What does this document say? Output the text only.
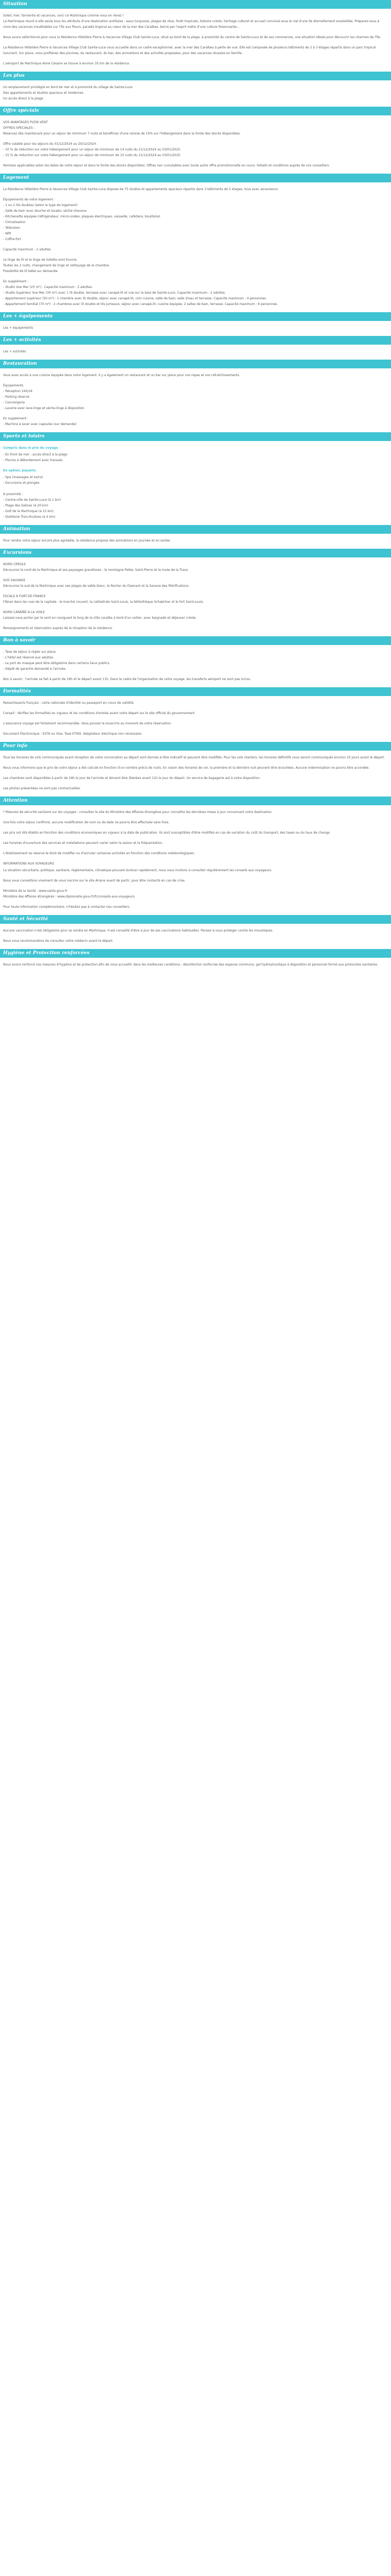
Situation

Soleil, mer, farniente et vacances, voici ce Martinique comme vous en rêvez !
La Martinique réunit à elle seule tous les attributs d'une destination antillaise : eaux turquoise, plages de rêve, forêt tropicale, histoire créole, héritage culturel et accueil convivial sous le ciel d'une île éternellement ensoleillée. Préparez-vous à vivre des vacances inoubliables sur l'île aux fleurs, paradis tropical au coeur de la mer des Caraïbes, bercé par l'esprit métis d'une culture foisonnante...

Nous avons sélectionné pour vous la Résidence Hôtelière Pierre & Vacances Village Club Sainte-Luce, situé au bord de la plage, à proximité du centre de Sainte-Luce et de ses commerces, une situation idéale pour découvrir les charmes de l'île.

La Résidence Hôtelière Pierre & Vacances Village Club Sainte-Luce vous accueille dans un cadre exceptionnel, avec la mer des Caraïbes à perte de vue. Elle est composée de plusieurs bâtiments de 2 à 3 étages répartis dans un parc tropical luxuriant. Sur place, vous profiterez des piscines, du restaurant, du bar, des animations et des activités proposées, pour des vacances réussies en famille.

L'aéroport de Martinique Aimé Césaire se trouve à environ 35 km de la résidence.

Les plus

Un emplacement privilégié en bord de mer et à proximité du village de Sainte-Luce
Des appartements et studios spacieux et modernes
Un accès direct à la plage

Offre spéciale

VOS AVANTAGES PLEIN VENT
OFFRES SPECIALES :
Réservez dès maintenant pour un séjour de minimum 7 nuits et bénéficiez d'une remise de 10% sur l'hébergement dans la limite des stocks disponibles.

Offre valable pour les séjours du 01/12/2024 au 20/12/2024 :
- 10 % de réduction sur votre hébergement pour un séjour de minimum de 14 nuits du 21/12/2024 au 03/01/2025.
- 15 % de réduction sur votre hébergement pour un séjour de minimum de 10 nuits du 21/12/2024 au 03/01/2025.

Remises applicables selon les dates de votre séjour et dans la limite des stocks disponibles. Offres non cumulables avec toute autre offre promotionnelle en cours. Détails et conditions auprès de nos conseillers.

Logement

La Résidence Hôtelière Pierre & Vacances Village Club Sainte-Luce dispose de 75 studios et appartements spacieux répartis dans 3 bâtiments de 2 étages, tous avec ascenseurs.

Équipements de votre logement :
- 1 ou 2 lits doubles (selon le type de logement)
- Salle de bain avec douche et lavabo, sèche-cheveux
- Kitchenette équipée (réfrigérateur, micro-ondes, plaques électriques, vaisselle, cafetière, bouilloire)
- Climatisation
- Télévision
- Wifi
- Coffre-fort

Capacité maximum : 2 adultes.

Le linge de lit et le linge de toilette sont fournis.
Toutes les 2 nuits, changement de linge et nettoyage de la chambre.
Possibilité de lit bébé sur demande.

En supplément :
- Studio Vue Mer (25 m²) : Capacité maximum : 2 adultes.
- Studio Supérieur Vue Mer (30 m²) avec 1 lit double, terrasse avec canapé-lit et vue sur la baie de Sainte-Luce. Capacité maximum : 2 adultes.
- Appartement supérieur (50 m²) : 1 chambre avec lit double, séjour avec canapé-lit, coin cuisine, salle de bain, salle d'eau et terrasse. Capacité maximum : 4 personnes.
- Appartement familial (70 m²) : 2 chambres avec lit double et lits jumeaux, séjour avec canapé-lit, cuisine équipée, 2 salles de bain, terrasse. Capacité maximum : 6 personnes.

Les + équipements

Les + équipements

Les + activités

Les + activités

Restauration

Vous avez accès à une cuisine équipée dans votre logement. Il y a également un restaurant et un bar sur place pour vos repas et vos rafraîchissements.

Équipements
- Réception 24h/24
- Parking réservé
- Conciergerie
- Laverie avec lave-linge et sèche-linge à disposition

En supplément :
- Machine à laver avec capsules (sur demande)

Sports et loisirs
Compris dans le prix du voyage

- En front de mer : accès direct à la plage
- Piscine à débordement avec transats

En option, payants

- Spa (massages et soins)
- Excursions et plongée

À proximité :
- Centre-ville de Sainte-Luce (à 1 km)
- Plage des Salines (à 20 km)
- Golf de la Martinique (à 15 km)
- Distillerie Trois-Rivières (à 4 km)

Animation

Pour rendre votre séjour encore plus agréable, la résidence propose des animations en journée et en soirée.

Excursions

NORD CRÉOLE
Découvrez le nord de la Martinique et ses paysages grandioses : la montagne Pelée, Saint-Pierre et la route de la Trace.

SUD SAUVAGE
Découvrez le sud de la Martinique avec ses plages de sable blanc, le Rocher du Diamant et la Savane des Pétrifications.

ESCALE À FORT-DE-FRANCE
Flânez dans les rues de la capitale : le marché couvert, la cathédrale Saint-Louis, la bibliothèque Schœlcher et le fort Saint-Louis.

NORD CARAÏBE À LA VOILE
Laissez-vous porter par le vent en naviguant le long de la côte caraïbe à bord d'un voilier, avec baignade et déjeuner créole.

Renseignements et réservation auprès de la réception de la résidence.

Bon à savoir

- Taxe de séjour à régler sur place.
- L'hôtel est réservé aux adultes.
- Le port du masque peut être obligatoire dans certains lieux publics.
- Dépôt de garantie demandé à l'arrivée.

Bon à savoir : l'arrivée se fait à partir de 16h et le départ avant 11h. Dans le cadre de l'organisation de votre voyage, les transferts aéroport ne sont pas inclus.

Formalités

Ressortissants français : carte nationale d'identité ou passeport en cours de validité.

Conseil : Vérifiez les formalités en vigueur et les conditions d'entrée avant votre départ sur le site officiel du gouvernement.

L'assurance voyage est fortement recommandée. Vous pouvez la souscrire au moment de votre réservation.

Document Électronique : ESTA ou Visa, Taxe ETIAS. Adaptateur électrique non nécessaire.

Pour info

Tous les horaires de vols communiqués avant réception de votre convocation au départ sont donnés à titre indicatif et peuvent être modifiés. Pour les vols charters, les horaires définitifs vous seront communiqués environ 10 jours avant le départ.

Nous vous informons que le prix de votre séjour a été calculé en fonction d'un nombre précis de nuits. En raison des horaires de vol, la première et la dernière nuit peuvent être écourtées. Aucune indemnisation ne pourra être accordée.

Les chambres sont disponibles à partir de 16h le jour de l'arrivée et doivent être libérées avant 11h le jour du départ. Un service de bagagerie est à votre disposition.

Les photos présentées ne sont pas contractuelles.

Attention

* Mesures de sécurité sanitaire sur les voyages : consultez le site du Ministère des Affaires étrangères pour connaître les dernières mises à jour concernant votre destination.

Une fois votre séjour confirmé, aucune modification de nom ou de date ne pourra être effectuée sans frais.

Les prix ont été établis en fonction des conditions économiques en vigueur à la date de publication. Ils sont susceptibles d'être modifiés en cas de variation du coût du transport, des taxes ou du taux de change.

Les horaires d'ouverture des services et installations peuvent varier selon la saison et la fréquentation.

L'établissement se réserve le droit de modifier ou d'annuler certaines activités en fonction des conditions météorologiques.

INFORMATIONS AUX VOYAGEURS

La situation sécuritaire, politique, sanitaire, réglementaire, climatique pouvant évoluer rapidement, nous vous invitons à consulter régulièrement les conseils aux voyageurs.

Nous vous conseillons vivement de vous inscrire sur le site Ariane avant de partir, pour être contacté en cas de crise.

Ministère de la Santé : www.sante.gouv.fr
Ministère des Affaires étrangères : www.diplomatie.gouv.fr/fr/conseils-aux-voyageurs

Pour toute information complémentaire, n'hésitez pas à contacter nos conseillers.

Santé et Sécurité

Aucune vaccination n'est obligatoire pour se rendre en Martinique. Il est conseillé d'être à jour de ses vaccinations habituelles. Pensez à vous protéger contre les moustiques.

Nous vous recommandons de consulter votre médecin avant le départ.

Hygiène et Protection renforcées

Nous avons renforcé nos mesures d'hygiène et de protection afin de vous accueillir dans les meilleures conditions : désinfection renforcée des espaces communs, gel hydroalcoolique à disposition et personnel formé aux protocoles sanitaires.
